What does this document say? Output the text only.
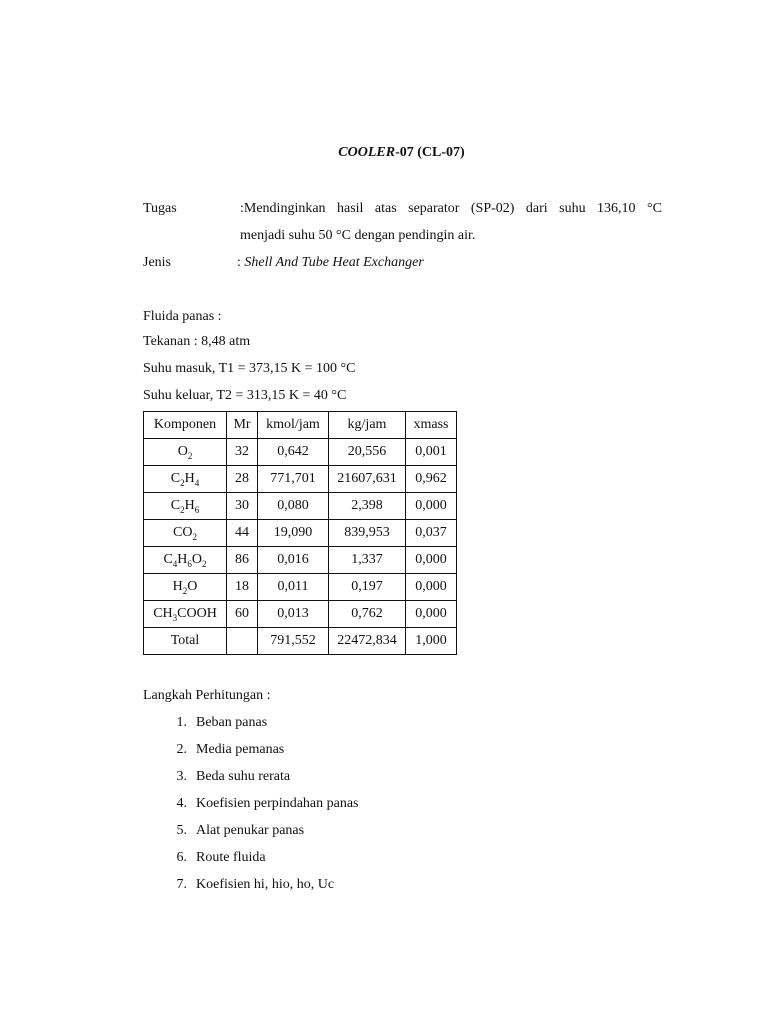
COOLER-07 (CL-07)
Tugas	:Mendinginkan hasil atas separator (SP-02) dari suhu 136,10 °C
menjadi suhu 50 °C dengan pendingin air.
Jenis	: Shell And Tube Heat Exchanger
Fluida panas :
Tekanan : 8,48 atm
Suhu masuk, T1 = 373,15 K = 100 °C
Suhu keluar, T2 = 313,15 K = 40 °C
Komponen	Mr	kmol/jam	kg/jam	xmass
$O_2$	32	0,642	20,556	0,001
$C_2H_4$	28	771,701	21607,631	0,962
$C_2H_6$	30	0,080	2,398	0,000
$CO_2$	44	19,090	839,953	0,037
$C_4H_6O_2$	86	0,016	1,337	0,000
$H_2O$	18	0,011	0,197	0,000
$CH_3COOH$	60	0,013	0,762	0,000
Total		791,552	22472,834	1,000
Langkah Perhitungan :
1. Beban panas
2. Media pemanas
3. Beda suhu rerata
4. Koefisien perpindahan panas
5. Alat penukar panas
6. Route fluida
7. Koefisien hi, hio, ho, Uc
